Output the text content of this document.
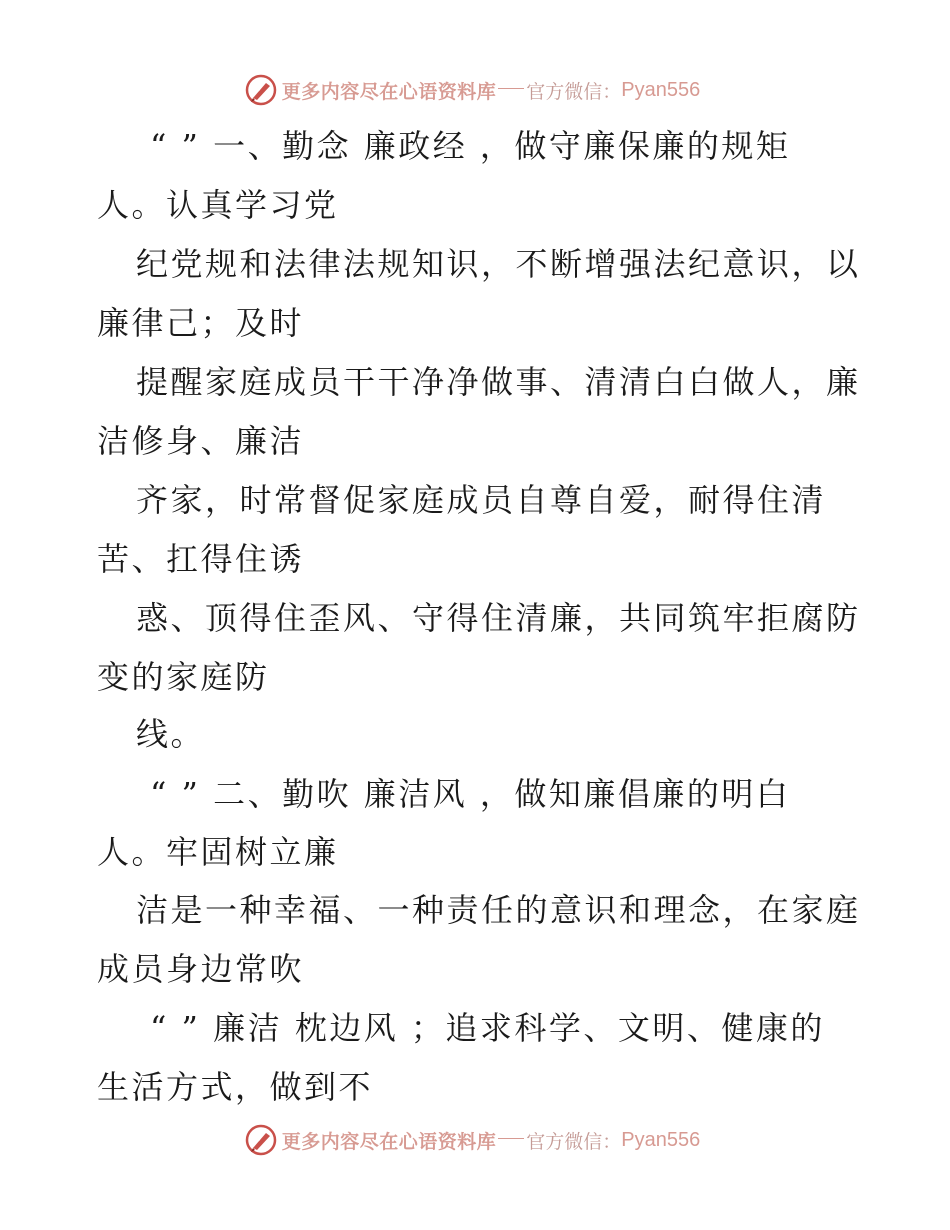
更多内容尽在心语资料库 官方微信： Pyan556
“ ” 一、勤念 廉政经 ，做守廉保廉的规矩
人。认真学习党
纪党规和法律法规知识，不断增强法纪意识，以
廉律己；及时
提醒家庭成员干干净净做事、清清白白做人，廉
洁修身、廉洁
齐家，时常督促家庭成员自尊自爱，耐得住清
苦、扛得住诱
惑、顶得住歪风、守得住清廉，共同筑牢拒腐防
变的家庭防
线。
“ ” 二、勤吹 廉洁风 ，做知廉倡廉的明白
人。牢固树立廉
洁是一种幸福、一种责任的意识和理念，在家庭
成员身边常吹
“ ” 廉洁 枕边风 ；追求科学、文明、健康的
生活方式，做到不
更多内容尽在心语资料库 官方微信： Pyan556
